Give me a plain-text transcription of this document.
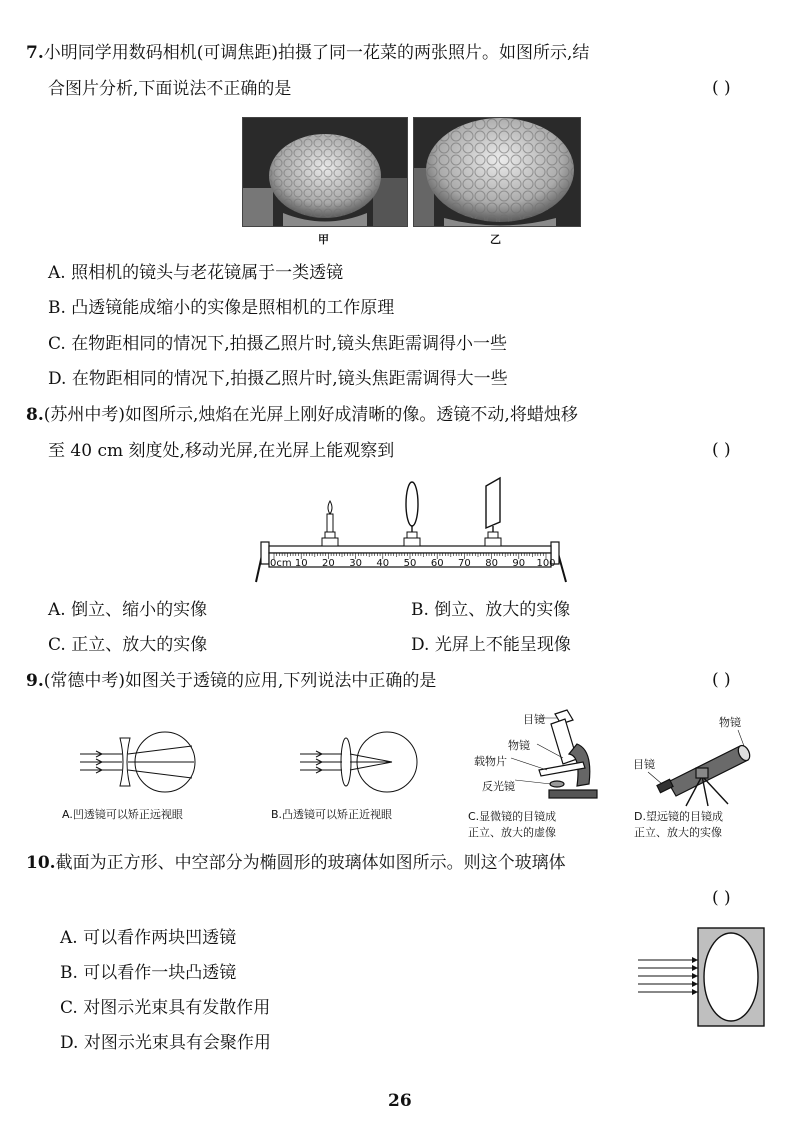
7.小明同学用数码相机(可调焦距)拍摄了同一花菜的两张照片。如图所示,结
合图片分析,下面说法不正确的是	( )
甲	乙
A. 照相机的镜头与老花镜属于一类透镜
B. 凸透镜能成缩小的实像是照相机的工作原理
C. 在物距相同的情况下,拍摄乙照片时,镜头焦距需调得小一些
D. 在物距相同的情况下,拍摄乙照片时,镜头焦距需调得大一些
8.(苏州中考)如图所示,烛焰在光屏上刚好成清晰的像。透镜不动,将蜡烛移
至 40 cm 刻度处,移动光屏,在光屏上能观察到	( )
0cm 10 20 30 40 50 60 70 80 90 100
A. 倒立、缩小的实像	B. 倒立、放大的实像
C. 正立、放大的实像	D. 光屏上不能呈现像
9.(常德中考)如图关于透镜的应用,下列说法中正确的是	( )
A.凹透镜可以矫正远视眼	B.凸透镜可以矫正近视眼
目镜
物镜
载物片
反光镜
C.显微镜的目镜成
正立、放大的虚像
物镜
目镜
D.望远镜的目镜成
正立、放大的实像
10.截面为正方形、中空部分为椭圆形的玻璃体如图所示。则这个玻璃体
( )
A. 可以看作两块凹透镜
B. 可以看作一块凸透镜
C. 对图示光束具有发散作用
D. 对图示光束具有会聚作用
26
